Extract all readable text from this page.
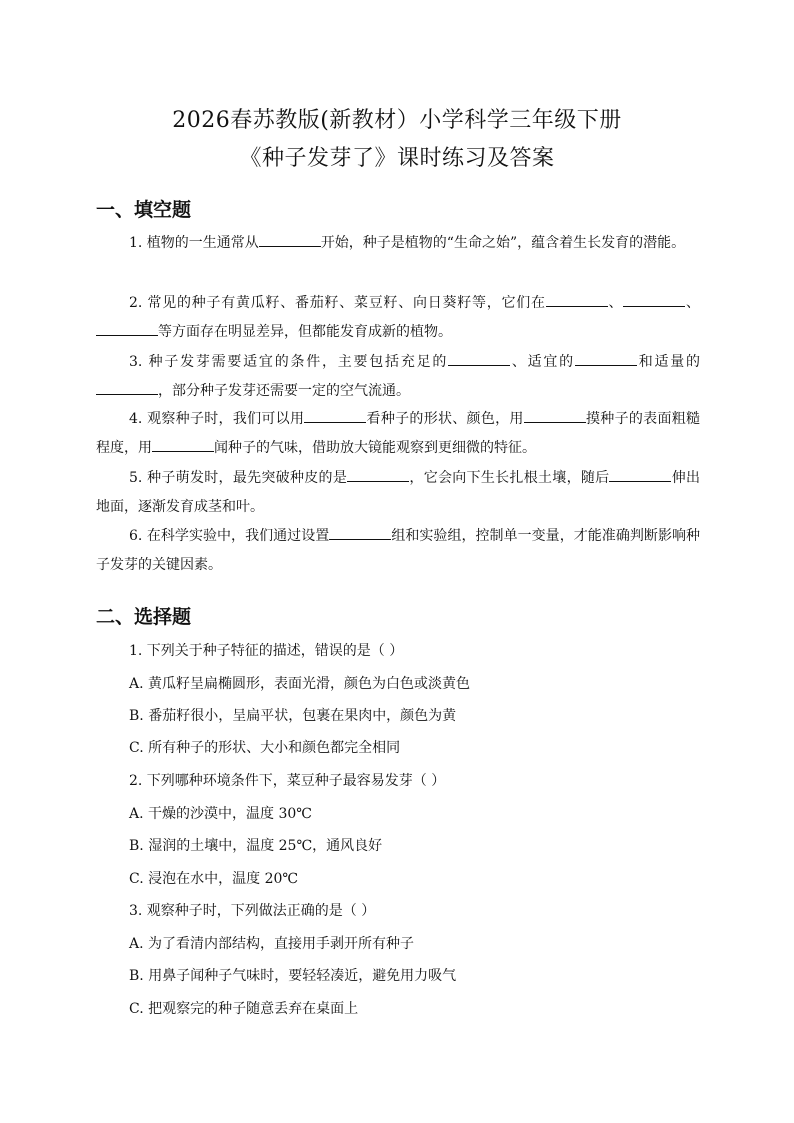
2026春苏教版(新教材）小学科学三年级下册
《种子发芽了》课时练习及答案
一、填空题
1. 植物的一生通常从	开始，种子是植物的“生命之始”，蕴含着生长发育的潜能。
2. 常见的种子有黄瓜籽、番茄籽、菜豆籽、向日葵籽等，它们在	、	、等方面存在明显差异，但都能发育成新的植物。
3. 种子发芽需要适宜的条件，主要包括充足的	、适宜的	和适量的，部分种子发芽还需要一定的空气流通。
4. 观察种子时，我们可以用	看种子的形状、颜色，用	摸种子的表面粗糙程度，用	闻种子的气味，借助放大镜能观察到更细微的特征。
5. 种子萌发时，最先突破种皮的是	，它会向下生长扎根土壤，随后	伸出地面，逐渐发育成茎和叶。
6. 在科学实验中，我们通过设置	组和实验组，控制单一变量，才能准确判断影响种子发芽的关键因素。
二、选择题
1. 下列关于种子特征的描述，错误的是（ ）
A. 黄瓜籽呈扁椭圆形，表面光滑，颜色为白色或淡黄色
B. 番茄籽很小，呈扁平状，包裹在果肉中，颜色为黄
C. 所有种子的形状、大小和颜色都完全相同
2. 下列哪种环境条件下，菜豆种子最容易发芽（ ）
A. 干燥的沙漠中，温度 30℃
B. 湿润的土壤中，温度 25℃，通风良好
C. 浸泡在水中，温度 20℃
3. 观察种子时，下列做法正确的是（ ）
A. 为了看清内部结构，直接用手剥开所有种子
B. 用鼻子闻种子气味时，要轻轻凑近，避免用力吸气
C. 把观察完的种子随意丢弃在桌面上
